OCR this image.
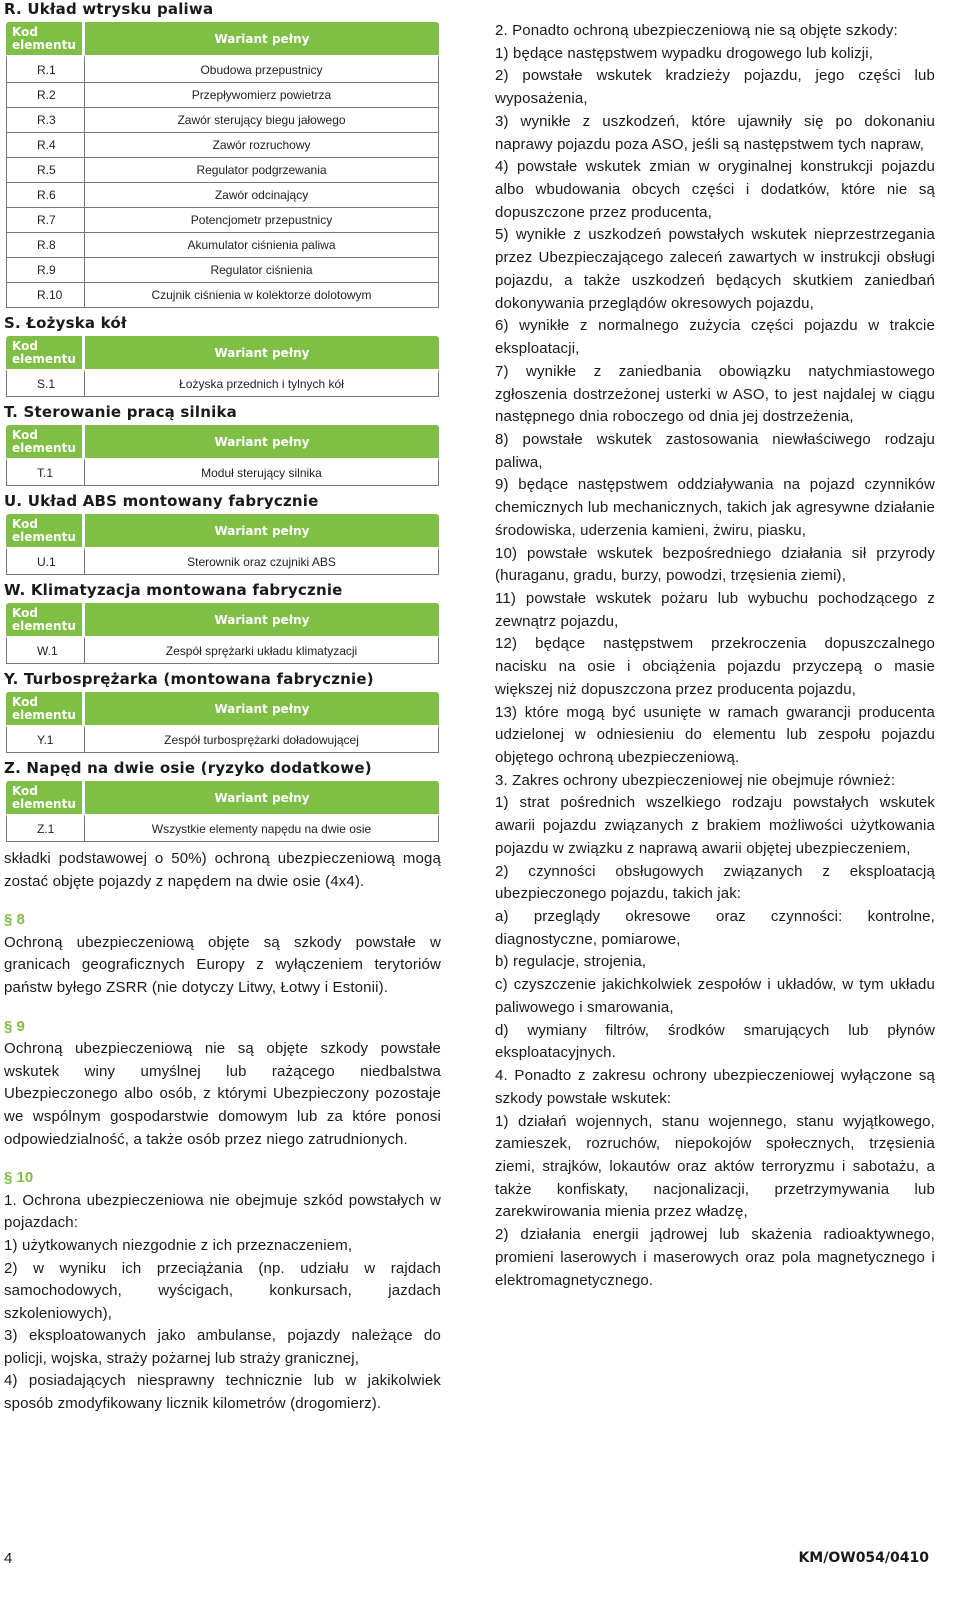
R. Układ wtrysku paliwa
Kod elementu	Wariant pełny
R.1	Obudowa przepustnicy
R.2	Przepływomierz powietrza
R.3	Zawór sterujący biegu jałowego
R.4	Zawór rozruchowy
R.5	Regulator podgrzewania
R.6	Zawór odcinający
R.7	Potencjometr przepustnicy
R.8	Akumulator ciśnienia paliwa
R.9	Regulator ciśnienia
R.10	Czujnik ciśnienia w kolektorze dolotowym
S. Łożyska kół
Kod elementu	Wariant pełny
S.1	Łożyska przednich i tylnych kół
T. Sterowanie pracą silnika
Kod elementu	Wariant pełny
T.1	Moduł sterujący silnika
U. Układ ABS montowany fabrycznie
Kod elementu	Wariant pełny
U.1	Sterownik oraz czujniki ABS
W. Klimatyzacja montowana fabrycznie
Kod elementu	Wariant pełny
W.1	Zespół sprężarki układu klimatyzacji
Y. Turbosprężarka (montowana fabrycznie)
Kod elementu	Wariant pełny
Y.1	Zespół turbosprężarki doładowującej
Z. Napęd na dwie osie (ryzyko dodatkowe)
Kod elementu	Wariant pełny
Z.1	Wszystkie elementy napędu na dwie osie

składki podstawowej o 50%) ochroną ubezpieczeniową mogą zostać objęte pojazdy z napędem na dwie osie (4x4).

§ 8

Ochroną ubezpieczeniową objęte są szkody powstałe w granicach geograficznych Europy z wyłączeniem terytoriów państw byłego ZSRR (nie dotyczy Litwy, Łotwy i Estonii).

§ 9

Ochroną ubezpieczeniową nie są objęte szkody powstałe wskutek winy umyślnej lub rażącego niedbalstwa Ubezpieczonego albo osób, z którymi Ubezpieczony pozostaje we wspólnym gospodarstwie domowym lub za które ponosi odpowiedzialność, a także osób przez niego zatrudnionych.

§ 10

1. Ochrona ubezpieczeniowa nie obejmuje szkód powstałych w pojazdach:

1) użytkowanych niezgodnie z ich przeznaczeniem,

2) w wyniku ich przeciążania (np. udziału w rajdach samochodowych, wyścigach, konkursach, jazdach szkoleniowych),

3) eksploatowanych jako ambulanse, pojazdy należące do policji, wojska, straży pożarnej lub straży granicznej,

4) posiadających niesprawny technicznie lub w jakikolwiek sposób zmodyfikowany licznik kilometrów (drogomierz).

2. Ponadto ochroną ubezpieczeniową nie są objęte szkody:

1) będące następstwem wypadku drogowego lub kolizji,

2) powstałe wskutek kradzieży pojazdu, jego części lub wyposażenia,

3) wynikłe z uszkodzeń, które ujawniły się po dokonaniu naprawy pojazdu poza ASO, jeśli są następstwem tych napraw,

4) powstałe wskutek zmian w oryginalnej konstrukcji pojazdu albo wbudowania obcych części i dodatków, które nie są dopuszczone przez producenta,

5) wynikłe z uszkodzeń powstałych wskutek nieprzestrzegania przez Ubezpieczającego zaleceń zawartych w instrukcji obsługi pojazdu, a także uszkodzeń będących skutkiem zaniedbań dokonywania przeglądów okresowych pojazdu,

6) wynikłe z normalnego zużycia części pojazdu w trakcie eksploatacji,

7) wynikłe z zaniedbania obowiązku natychmiastowego zgłoszenia dostrzeżonej usterki w ASO, to jest najdalej w ciągu następnego dnia roboczego od dnia jej dostrzeżenia,

8) powstałe wskutek zastosowania niewłaściwego rodzaju paliwa,

9) będące następstwem oddziaływania na pojazd czynników chemicznych lub mechanicznych, takich jak agresywne działanie środowiska, uderzenia kamieni, żwiru, piasku,

10) powstałe wskutek bezpośredniego działania sił przyrody (huraganu, gradu, burzy, powodzi, trzęsienia ziemi),

11) powstałe wskutek pożaru lub wybuchu pochodzącego z zewnątrz pojazdu,

12) będące następstwem przekroczenia dopuszczalnego nacisku na osie i obciążenia pojazdu przyczepą o masie większej niż dopuszczona przez producenta pojazdu,

13) które mogą być usunięte w ramach gwarancji producenta udzielonej w odniesieniu do elementu lub zespołu pojazdu objętego ochroną ubezpieczeniową.

3. Zakres ochrony ubezpieczeniowej nie obejmuje również:

1) strat pośrednich wszelkiego rodzaju powstałych wskutek awarii pojazdu związanych z brakiem możliwości użytkowania pojazdu w związku z naprawą awarii objętej ubezpieczeniem,

2) czynności obsługowych związanych z eksploatacją ubezpieczonego pojazdu, takich jak:

a) przeglądy okresowe oraz czynności: kontrolne, diagnostyczne, pomiarowe,

b) regulacje, strojenia,

c) czyszczenie jakichkolwiek zespołów i układów, w tym układu paliwowego i smarowania,

d) wymiany filtrów, środków smarujących lub płynów eksploatacyjnych.

4. Ponadto z zakresu ochrony ubezpieczeniowej wyłączone są szkody powstałe wskutek:

1) działań wojennych, stanu wojennego, stanu wyjątkowego, zamieszek, rozruchów, niepokojów społecznych, trzęsienia ziemi, strajków, lokautów oraz aktów terroryzmu i sabotażu, a także konfiskaty, nacjonalizacji, przetrzymywania lub zarekwirowania mienia przez władzę,

2) działania energii jądrowej lub skażenia radioaktywnego, promieni laserowych i maserowych oraz pola magnetycznego i elektromagnetycznego.

4	KM/OW054/0410
